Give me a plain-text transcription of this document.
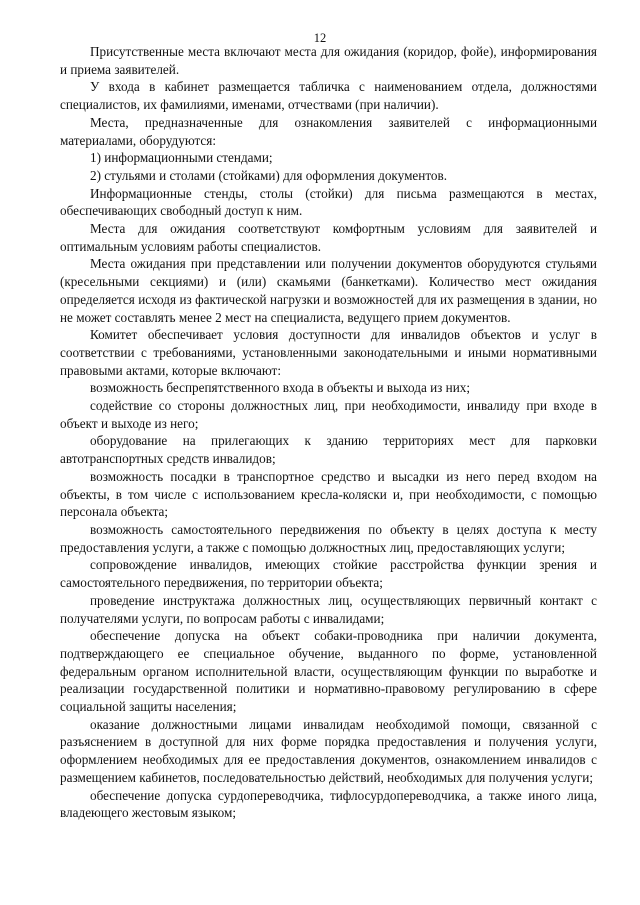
12

Присутственные места включают места для ожидания (коридор, фойе), информирования и приема заявителей.

У входа в кабинет размещается табличка с наименованием отдела, должностями специалистов, их фамилиями, именами, отчествами (при наличии).

Места, предназначенные для ознакомления заявителей с информационными материалами, оборудуются:

1) информационными стендами;

2) стульями и столами (стойками) для оформления документов.

Информационные стенды, столы (стойки) для письма размещаются в местах, обеспечивающих свободный доступ к ним.

Места для ожидания соответствуют комфортным условиям для заявителей и оптимальным условиям работы специалистов.

Места ожидания при представлении или получении документов оборудуются стульями (кресельными секциями) и (или) скамьями (банкетками). Количество мест ожидания определяется исходя из фактической нагрузки и возможностей для их размещения в здании, но не может составлять менее 2 мест на специалиста, ведущего прием документов.

Комитет обеспечивает условия доступности для инвалидов объектов и услуг в соответствии с требованиями, установленными законодательными и иными нормативными правовыми актами, которые включают:

возможность беспрепятственного входа в объекты и выхода из них;

содействие со стороны должностных лиц, при необходимости, инвалиду при входе в объект и выходе из него;

оборудование на прилегающих к зданию территориях мест для парковки автотранспортных средств инвалидов;

возможность посадки в транспортное средство и высадки из него перед входом на объекты, в том числе с использованием кресла-коляски и, при необходимости, с помощью персонала объекта;

возможность самостоятельного передвижения по объекту в целях доступа к месту предоставления услуги, а также с помощью должностных лиц, предоставляющих услуги;

сопровождение инвалидов, имеющих стойкие расстройства функции зрения и самостоятельного передвижения, по территории объекта;

проведение инструктажа должностных лиц, осуществляющих первичный контакт с получателями услуги, по вопросам работы с инвалидами;

обеспечение допуска на объект собаки-проводника при наличии документа, подтверждающего ее специальное обучение, выданного по форме, установленной федеральным органом исполнительной власти, осуществляющим функции по выработке и реализации государственной политики и нормативно-правовому регулированию в сфере социальной защиты населения;

оказание должностными лицами инвалидам необходимой помощи, связанной с разъяснением в доступной для них форме порядка предоставления и получения услуги, оформлением необходимых для ее предоставления документов, ознакомлением инвалидов с размещением кабинетов, последовательностью действий, необходимых для получения услуги;

обеспечение допуска сурдопереводчика, тифлосурдопереводчика, а также иного лица, владеющего жестовым языком;
